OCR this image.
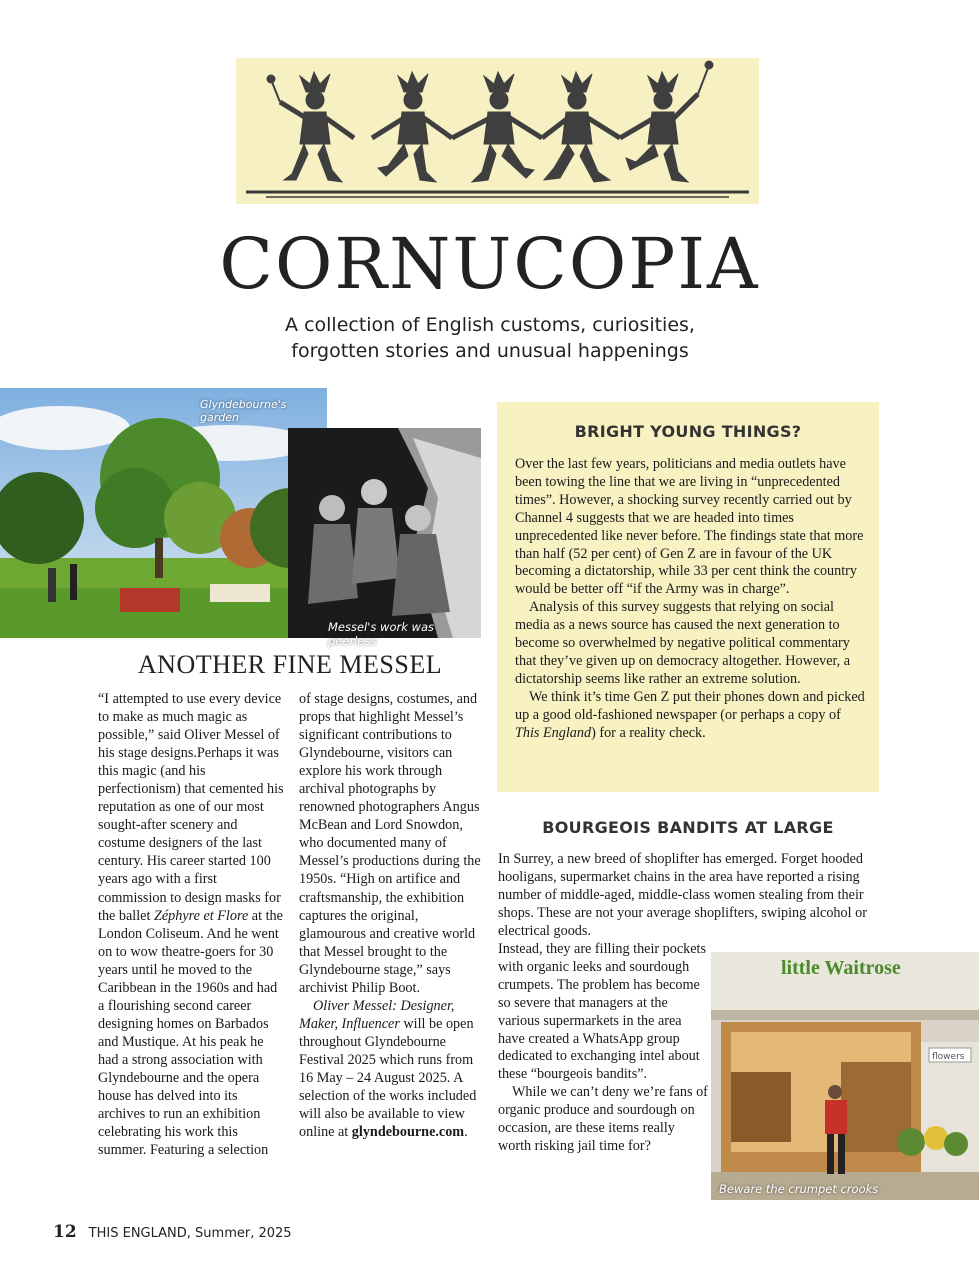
CORNUCOPIA
A collection of English customs, curiosities,
forgotten stories and unusual happenings
Glyndebourne's garden
Messel's work was peerless
ANOTHER FINE MESSEL

“I attempted to use every device to make as much magic as possible,” said Oliver Messel of his stage designs.Perhaps it was this magic (and his perfectionism) that cemented his reputation as one of our most sought-after scenery and costume designers of the last century. His career started 100 years ago with a first commission to design masks for the ballet Zéphyre et Flore at the London Coliseum. And he went on to wow theatre-goers for 30 years until he moved to the Caribbean in the 1960s and had a flourishing second career designing homes on Barbados and Mustique. At his peak he had a strong association with Glyndebourne and the opera house has delved into its archives to run an exhibition celebrating his work this summer. Featuring a selection

of stage designs, costumes, and props that highlight Messel’s significant contributions to Glyndebourne, visitors can explore his work through archival photographs by renowned photographers Angus McBean and Lord Snowdon, who documented many of Messel’s productions during the 1950s. “High on artifice and craftsmanship, the exhibition captures the original, glamourous and creative world that Messel brought to the Glyndebourne stage,” says archivist Philip Boot.

Oliver Messel: Designer, Maker, Influencer will be open throughout Glyndebourne Festival 2025 which runs from 16 May – 24 August 2025. A selection of the works included will also be available to view online at glyndebourne.com.

BRIGHT YOUNG THINGS?

Over the last few years, politicians and media outlets have been towing the line that we are living in “unprecedented times”. However, a shocking survey recently carried out by Channel 4 suggests that we are headed into times unprecedented like never before. The findings state that more than half (52 per cent) of Gen Z are in favour of the UK becoming a dictatorship, while 33 per cent think the country would be better off “if the Army was in charge”.

Analysis of this survey suggests that relying on social media as a news source has caused the next generation to become so overwhelmed by negative political commentary that they’ve given up on democracy altogether. However, a dictatorship seems like rather an extreme solution.

We think it’s time Gen Z put their phones down and picked up a good old-fashioned newspaper (or perhaps a copy of This England) for a reality check.

BOURGEOIS BANDITS AT LARGE

In Surrey, a new breed of shoplifter has emerged. Forget hooded hooligans, supermarket chains in the area have reported a rising number of middle-aged, middle-class women stealing from their shops. These are not your average shoplifters, swiping alcohol or electrical goods.

Instead, they are filling their pockets with organic leeks and sourdough crumpets. The problem has become so severe that managers at the various supermarkets in the area have created a WhatsApp group dedicated to exchanging intel about these “bourgeois bandits”.

While we can’t deny we’re fans of organic produce and sourdough on occasion, are these items really worth risking jail time for?

little Waitrose
flowers
Beware the crumpet crooks
12 THIS ENGLAND, Summer, 2025
